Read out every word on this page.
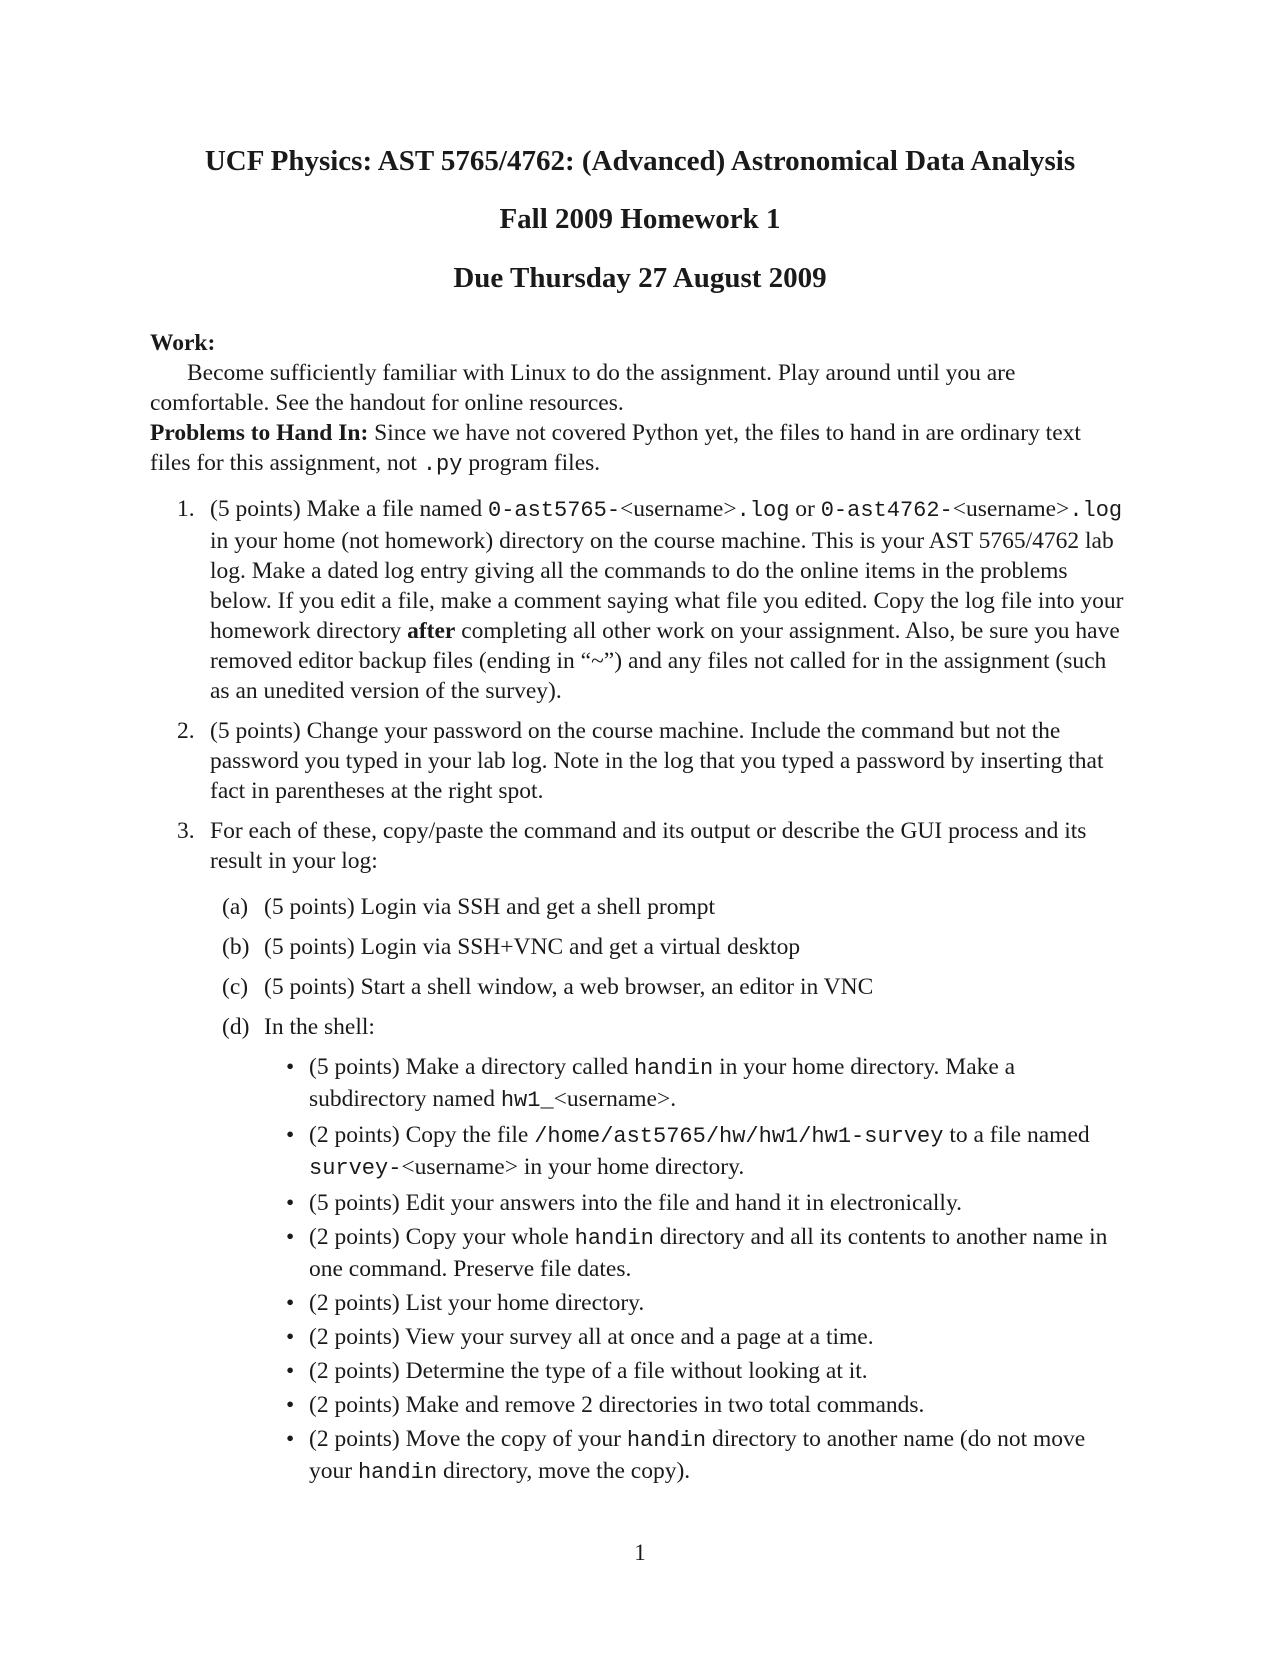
UCF Physics: AST 5765/4762: (Advanced) Astronomical Data Analysis
Fall 2009 Homework 1
Due Thursday 27 August 2009

Work:

Become sufficiently familiar with Linux to do the assignment. Play around until you are comfortable. See the handout for online resources.

Problems to Hand In: Since we have not covered Python yet, the files to hand in are ordinary text files for this assignment, not .py program files.

1. (5 points) Make a file named 0-ast5765-<username>.log or 0-ast4762-<username>.log in your home (not homework) directory on the course machine. This is your AST 5765/4762 lab log. Make a dated log entry giving all the commands to do the online items in the problems below. If you edit a file, make a comment saying what file you edited. Copy the log file into your homework directory after completing all other work on your assignment. Also, be sure you have removed editor backup files (ending in “~”) and any files not called for in the assignment (such as an unedited version of the survey).
2. (5 points) Change your password on the course machine. Include the command but not the password you typed in your lab log. Note in the log that you typed a password by inserting that fact in parentheses at the right spot.
3. For each of these, copy/paste the command and its output or describe the GUI process and its result in your log:
(a) (5 points) Login via SSH and get a shell prompt
(b) (5 points) Login via SSH+VNC and get a virtual desktop
(c) (5 points) Start a shell window, a web browser, an editor in VNC
(d) In the shell:
• (5 points) Make a directory called handin in your home directory. Make a subdirectory named hw1_<username>.
• (2 points) Copy the file /home/ast5765/hw/hw1/hw1-survey to a file named survey-<username> in your home directory.
• (5 points) Edit your answers into the file and hand it in electronically.
• (2 points) Copy your whole handin directory and all its contents to another name in one command. Preserve file dates.
• (2 points) List your home directory.
• (2 points) View your survey all at once and a page at a time.
• (2 points) Determine the type of a file without looking at it.
• (2 points) Make and remove 2 directories in two total commands.
• (2 points) Move the copy of your handin directory to another name (do not move your handin directory, move the copy).
1
